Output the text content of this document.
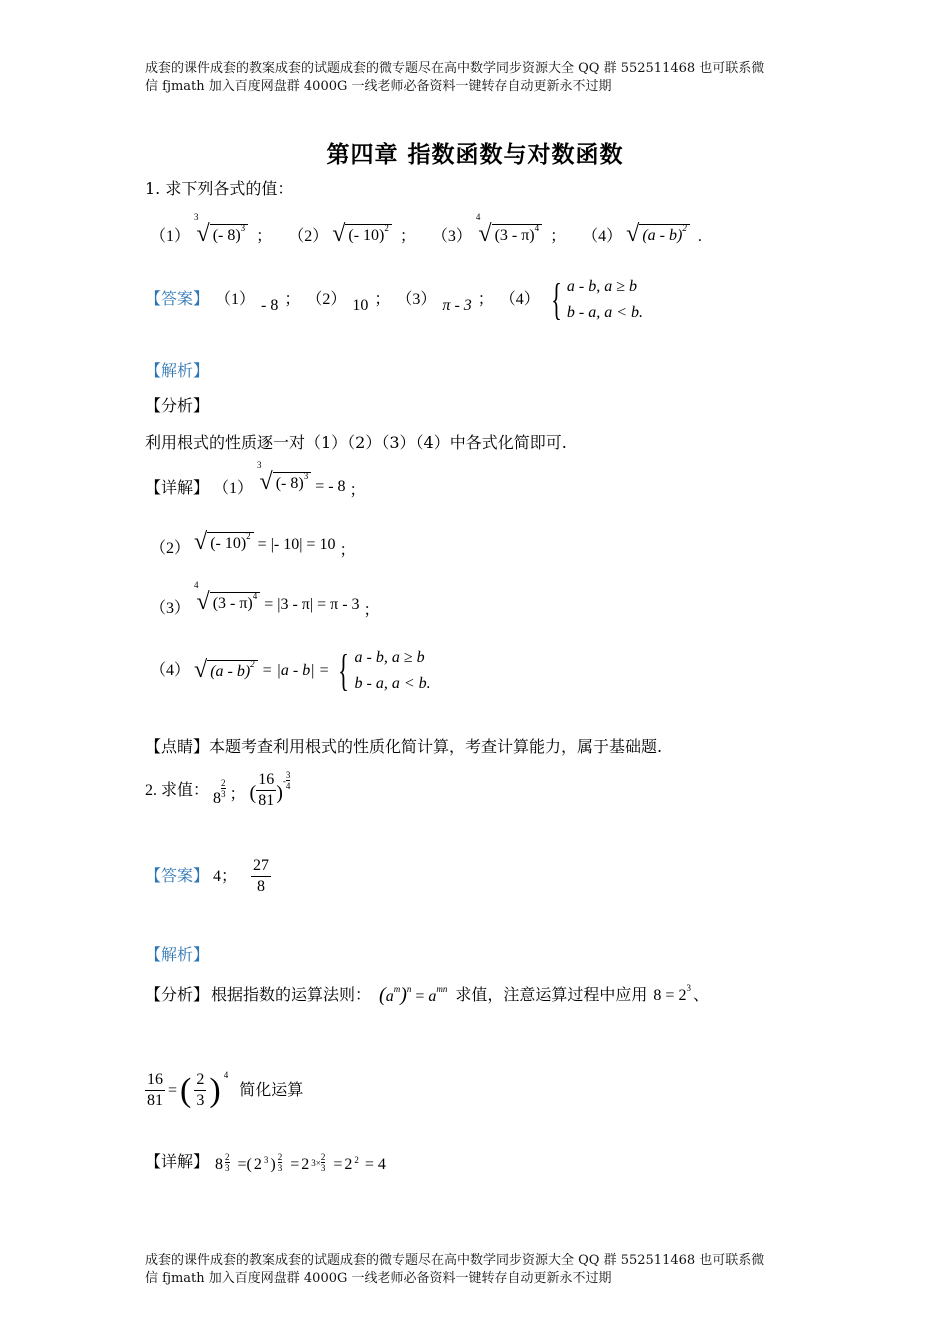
成套的课件成套的教案成套的试题成套的微专题尽在高中数学同步资源大全 QQ 群 552511468 也可联系微
信 fjmath 加入百度网盘群 4000G 一线老师必备资料一键转存自动更新永不过期
第四章 指数函数与对数函数
1. 求下列各式的值：
（1）
3
√ (- 8)$^3$ ； （2） √ (- 10)$^2$ ； （3）
4
√ (3 - π)$^4$ ； （4） √ (a - b)$^2$ .
【答案】 （1） - 8 ； （2） 10 ； （3） π - 3 ； （4） { a - b, a ≥ b
b - a, a < b.
【解析】
【分析】
利用根式的性质逐一对（1）（2）（3）（4）中各式化简即可.
【详解】 （1）
3
√ (- 8)$^3$
= - 8 ；
（2） √ (- 10)$^2$ = |- 10| = 10 ；
（3）
4
√ (3 - π)$^4$ = |3 - π| = π - 3 ；
（4） √ (a - b)$^2$ = |a - b| = { a - b, a ≥ b
b - a, a < b.
【点睛】本题考查利用根式的性质化简计算，考查计算能力，属于基础题.
2. 求值： $8 \frac{2}{3}$ ； ( $\frac{16}{81}$ )
- $\frac{3}{4}$
【答案】 4； $\frac{27}{8}$
【解析】
【分析】 根据指数的运算法则： $(a^m)^n = a^{mn}$ 求值，注意运算过程中应用 $8 = 2^3$ 、
$\frac{16}{81}$ = ( $\frac{2}{3}$ ) 4
简化运算
【详解】 $8 \frac{2}{3}$ =( 2 3 ) $\frac{2}{3} = 2$ $3\times \frac{2}{3} = 2$ 2 = 4
成套的课件成套的教案成套的试题成套的微专题尽在高中数学同步资源大全 QQ 群 552511468 也可联系微
信 fjmath 加入百度网盘群 4000G 一线老师必备资料一键转存自动更新永不过期
